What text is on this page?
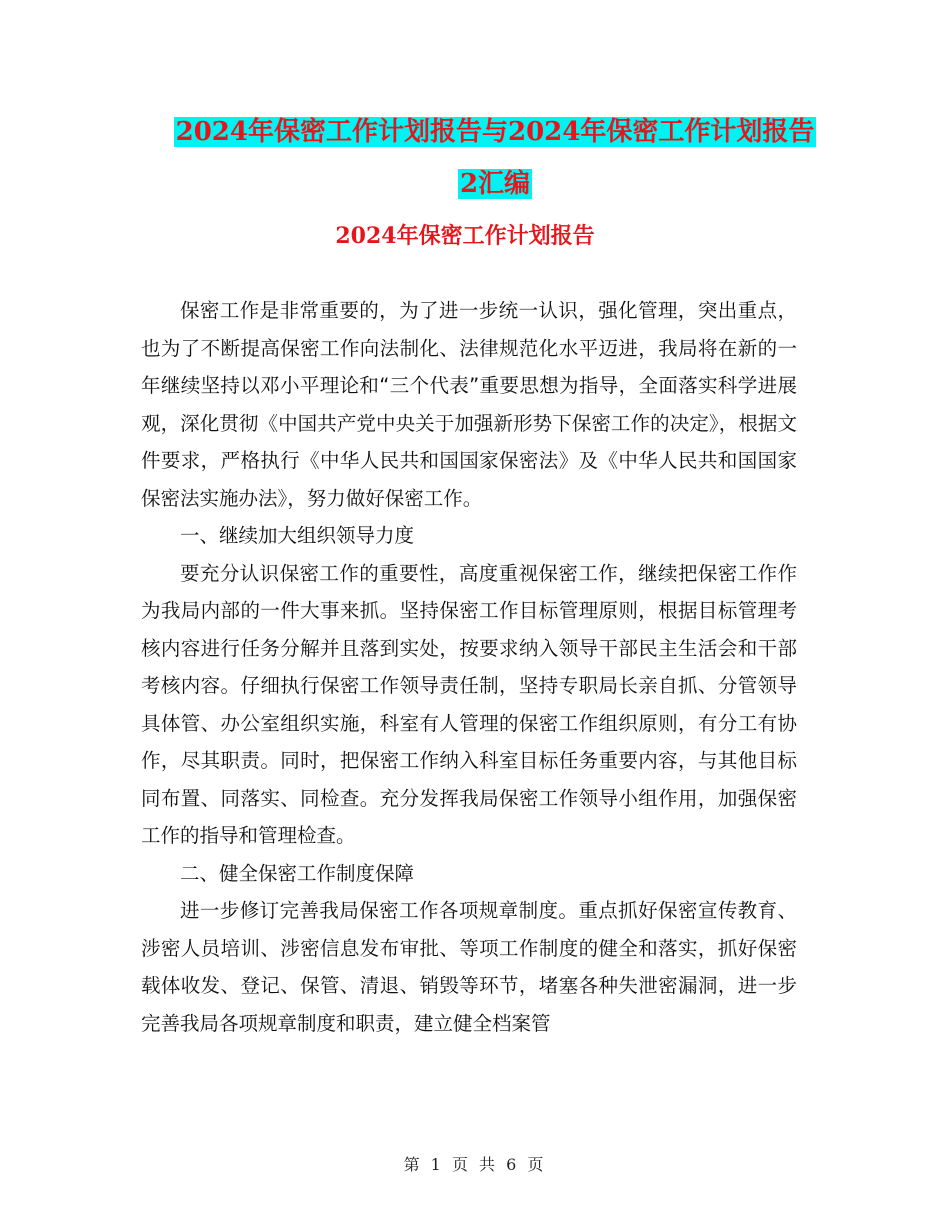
2024年保密工作计划报告与2024年保密工作计划报告
2汇编
2024年保密工作计划报告

保密工作是非常重要的，为了进一步统一认识，强化管理，突出重点，也为了不断提高保密工作向法制化、法律规范化水平迈进，我局将在新的一年继续坚持以邓小平理论和“三个代表”重要思想为指导，全面落实科学进展观，深化贯彻《中国共产党中央关于加强新形势下保密工作的决定》，根据文件要求，严格执行《中华人民共和国国家保密法》及《中华人民共和国国家保密法实施办法》，努力做好保密工作。

一、继续加大组织领导力度

要充分认识保密工作的重要性，高度重视保密工作，继续把保密工作作为我局内部的一件大事来抓。坚持保密工作目标管理原则，根据目标管理考核内容进行任务分解并且落到实处，按要求纳入领导干部民主生活会和干部考核内容。仔细执行保密工作领导责任制，坚持专职局长亲自抓、分管领导具体管、办公室组织实施，科室有人管理的保密工作组织原则，有分工有协作，尽其职责。同时，把保密工作纳入科室目标任务重要内容，与其他目标同布置、同落实、同检查。充分发挥我局保密工作领导小组作用，加强保密工作的指导和管理检查。

二、健全保密工作制度保障

进一步修订完善我局保密工作各项规章制度。重点抓好保密宣传教育、涉密人员培训、涉密信息发布审批、等项工作制度的健全和落实，抓好保密载体收发、登记、保管、清退、销毁等环节，堵塞各种失泄密漏洞，进一步完善我局各项规章制度和职责，建立健全档案管

第 1 页 共 6 页
